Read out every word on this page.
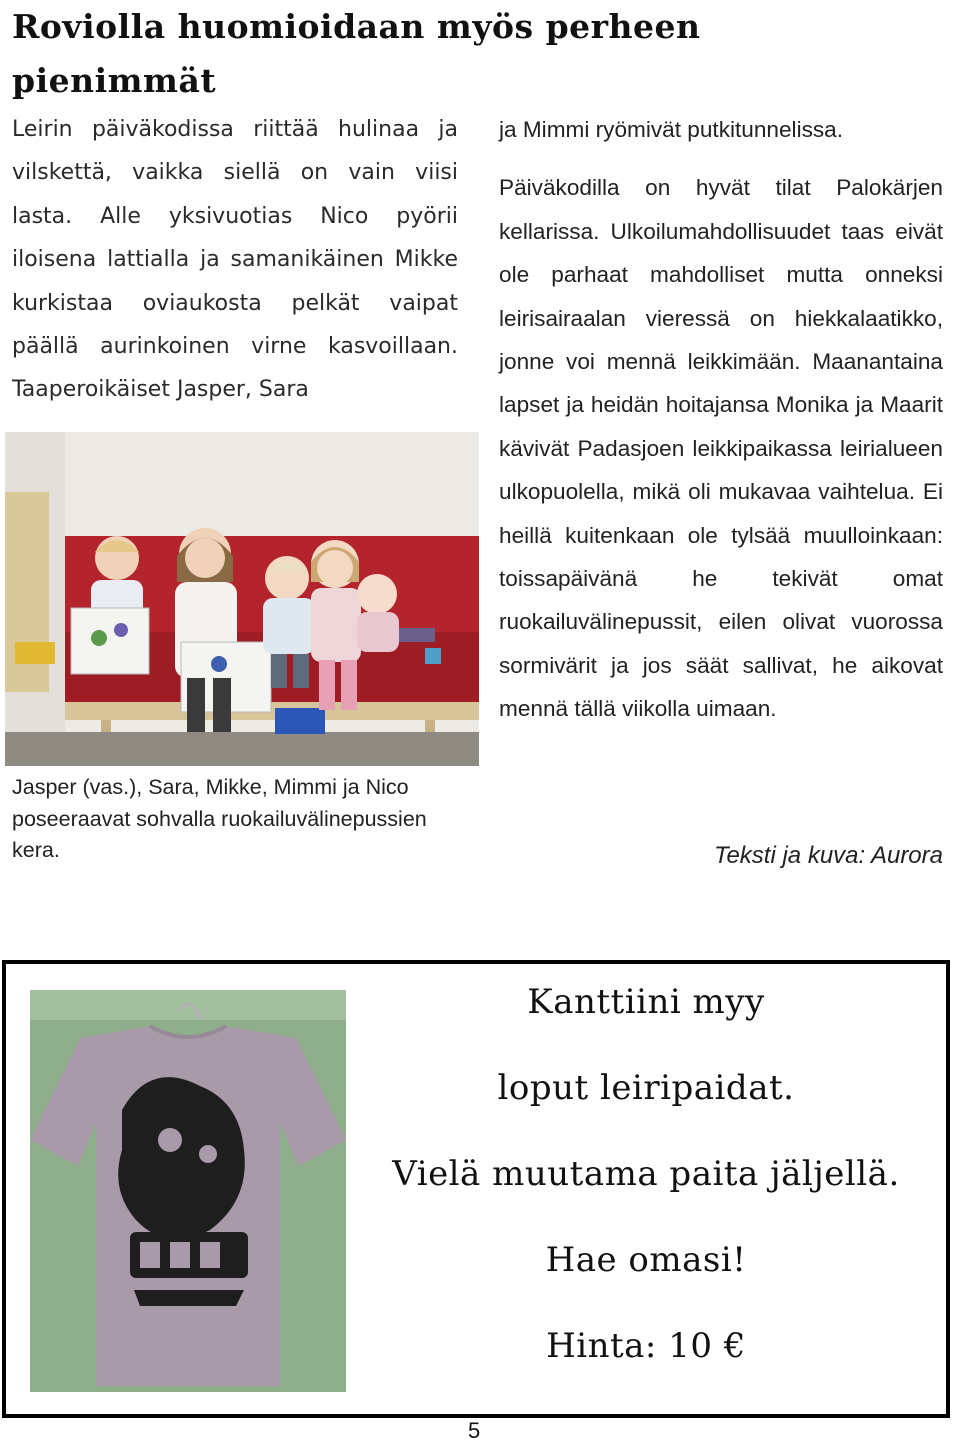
Roviolla huomioidaan myös perheen pienimmät

Leirin päiväkodissa riittää hulinaa ja vilskettä, vaikka siellä on vain viisi lasta. Alle yksivuotias Nico pyörii iloisena lattialla ja samanikäinen Mikke kurkistaa oviaukosta pelkät vaipat päällä aurinkoinen virne kasvoillaan. Taaperoikäiset Jasper, Sara

Jasper (vas.), Sara, Mikke, Mimmi ja Nico poseeraavat sohvalla ruokailuvälinepussien kera.

ja Mimmi ryömivät putkitunnelissa.

Päiväkodilla on hyvät tilat Palokärjen kellarissa. Ulkoilumahdollisuudet taas eivät ole parhaat mahdolliset mutta onneksi leirisairaalan vieressä on hiekkalaatikko, jonne voi mennä leikkimään. Maanantaina lapset ja heidän hoitajansa Monika ja Maarit kävivät Padasjoen leikkipaikassa leirialueen ulkopuolella, mikä oli mukavaa vaihtelua. Ei heillä kuitenkaan ole tylsää muulloinkaan: toissapäivänä he tekivät omat ruokailuvälinepussit, eilen olivat vuorossa sormivärit ja jos säät sallivat, he aikovat mennä tällä viikolla uimaan.

Teksti ja kuva: Aurora

Kanttiini myy

loput leiripaidat.

Vielä muutama paita jäljellä.

Hae omasi!

Hinta: 10 €

5
